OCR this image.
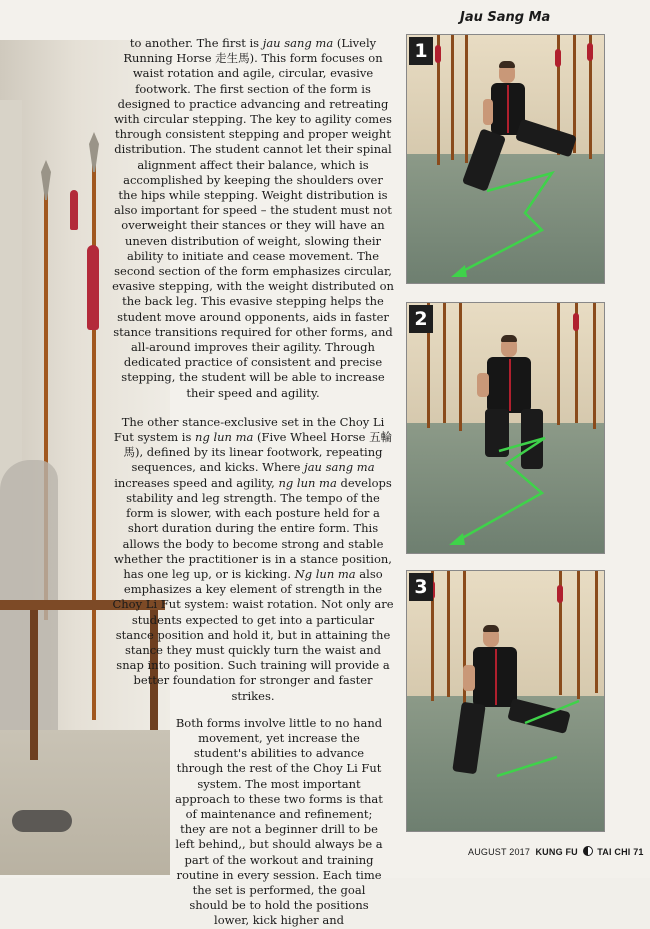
to another. The first is jau sang ma (Lively Running Horse 走生馬). This form focuses on waist rotation and agile, circular, evasive footwork. The first section of the form is designed to practice advancing and retreating with circular stepping. The key to agility comes through consistent stepping and proper weight distribution. The student cannot let their spinal alignment affect their balance, which is accomplished by keeping the shoulders over the hips while stepping. Weight distribution is also important for speed – the student must not overweight their stances or they will have an uneven distribution of weight, slowing their ability to initiate and cease movement. The second section of the form emphasizes circular, evasive stepping, with the weight distributed on the back leg. This evasive stepping helps the student move around opponents, aids in faster stance transitions required for other forms, and all-around improves their agility. Through dedicated practice of consistent and precise stepping, the student will be able to increase their speed and agility.

The other stance-exclusive set in the Choy Li Fut system is ng lun ma (Five Wheel Horse 五輪馬), defined by its linear footwork, repeating sequences, and kicks. Where jau sang ma increases speed and agility, ng lun ma develops stability and leg strength. The tempo of the form is slower, with each posture held for a short duration during the entire form. This allows the body to become strong and stable whether the practitioner is in a stance position, has one leg up, or is kicking. Ng lun ma also emphasizes a key element of strength in the Choy Li Fut system: waist rotation. Not only are students expected to get into a particular stance position and hold it, but in attaining the stance they must quickly turn the waist and snap into position. Such training will provide a better foundation for stronger and faster strikes.

Both forms involve little to no hand movement, yet increase the student's abilities to advance through the rest of the Choy Li Fut system. The most important approach to these two forms is that of maintenance and refinement; they are not a beginner drill to be left behind,, but should always be a part of the workout and training routine in every session. Each time the set is performed, the goal should be to hold the positions lower, kick higher and

Jau Sang Ma
1
2
3
AUGUST 2017 KUNG FU TAI CHI 71
